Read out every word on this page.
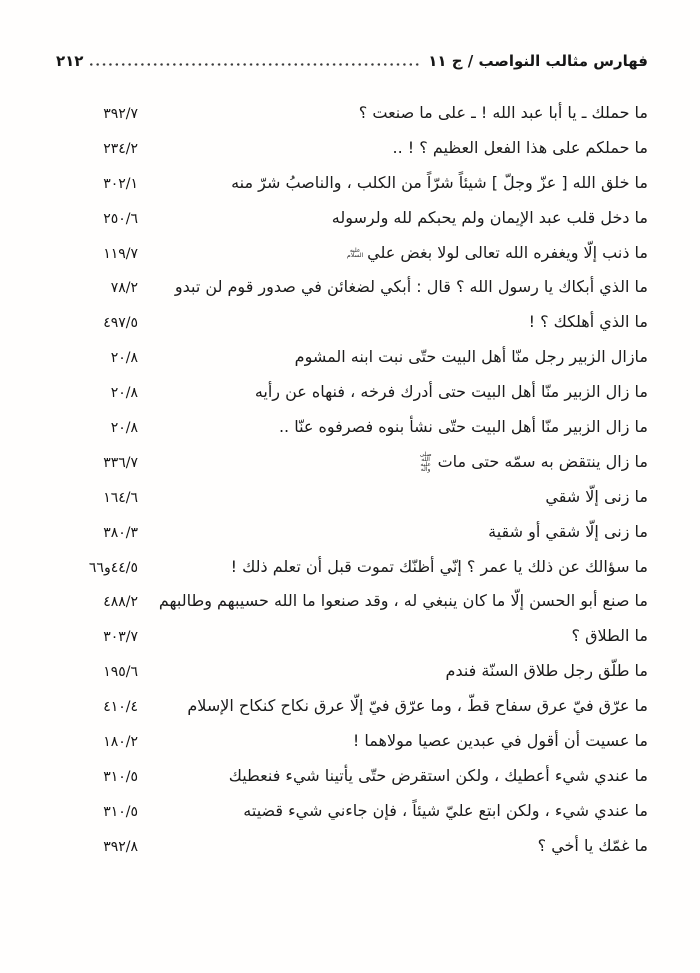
فهارس مثالب النواصب / ج ١١
٢١٢
ما حملك ـ يا أبا عبد الله ! ـ على ما صنعت ؟
٣٩٢/٧
ما حملكم على هذا الفعل العظيم ؟ ! ..
٢٣٤/٢
ما خلق الله [ عزّ وجلّ ] شيئاً شرّاً من الكلب ، والناصبُ شرّ منه
٣٠٢/١
ما دخل قلب عبد الإيمان ولم يحبكم لله ولرسوله
٢٥٠/٦
ما ذنب إلّا ويغفره الله تعالى لولا بغض عليعليه السلام
١١٩/٧
ما الذي أبكاك يا رسول الله ؟ قال : أبكي لضغائن في صدور قوم لن تبدو
٧٨/٢
ما الذي أهلكك ؟ !
٤٩٧/٥
مازال الزبير رجل منّا أهل البيت حتّى نبت ابنه المشوم
٢٠/٨
ما زال الزبير منّا أهل البيت حتى أدرك فرخه ، فنهاه عن رأيه
٢٠/٨
ما زال الزبير منّا أهل البيت حتّى نشأ بنوه فصرفوه عنّا ..
٢٠/٨
ما زال ينتقض به سمّه حتى ماتصلى الله عليه وآله
٣٣٦/٧
ما زنى إلّا شقي
١٦٤/٦
ما زنى إلّا شقي أو شقية
٣٨٠/٣
ما سؤالك عن ذلك يا عمر ؟ إنّي أظنّك تموت قبل أن تعلم ذلك !
٤٤/٥و٦٦
ما صنع أبو الحسن إلّا ما كان ينبغي له ، وقد صنعوا ما الله حسيبهم وطالبهم
٤٨٨/٢
ما الطلاق ؟
٣٠٣/٧
ما طلّق رجل طلاق السنّة فندم
١٩٥/٦
ما عرّق فيّ عرق سفاح قطّ ، وما عرّق فيّ إلّا عرق نكاح كنكاح الإسلام
٤١٠/٤
ما عسيت أن أقول في عبدين عصيا مولاهما !
١٨٠/٢
ما عندي شيء أعطيك ، ولكن استقرض حتّى يأتينا شيء فنعطيك
٣١٠/٥
ما عندي شيء ، ولكن ابتع عليّ شيئاً ، فإن جاءني شيء قضيته
٣١٠/٥
ما غمّك يا أخي ؟
٣٩٢/٨
